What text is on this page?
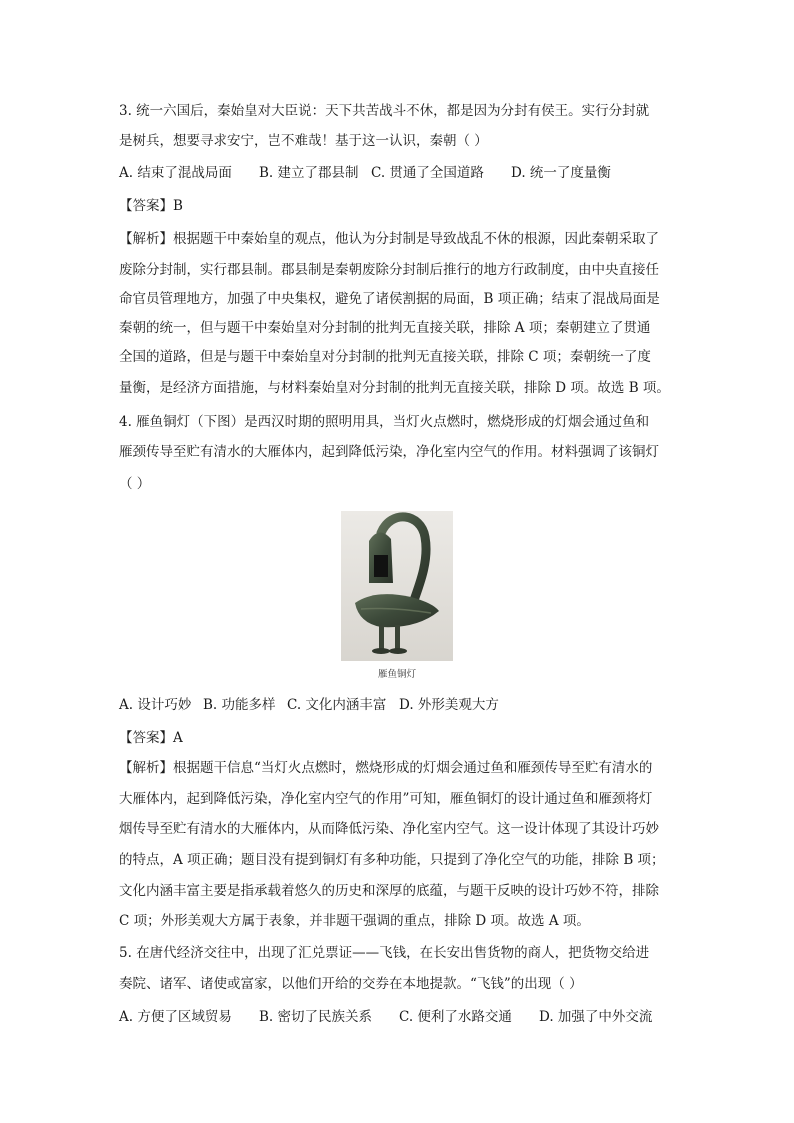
3. 统一六国后，秦始皇对大臣说：天下共苦战斗不休，都是因为分封有侯王。实行分封就
是树兵，想要寻求安宁，岂不难哉！基于这一认识，秦朝（ ）
A. 结束了混战局面 B. 建立了郡县制 C. 贯通了全国道路 D. 统一了度量衡
【答案】B
【解析】根据题干中秦始皇的观点，他认为分封制是导致战乱不休的根源，因此秦朝采取了
废除分封制，实行郡县制。郡县制是秦朝废除分封制后推行的地方行政制度，由中央直接任
命官员管理地方，加强了中央集权，避免了诸侯割据的局面，B 项正确；结束了混战局面是
秦朝的统一，但与题干中秦始皇对分封制的批判无直接关联，排除 A 项；秦朝建立了贯通
全国的道路，但是与题干中秦始皇对分封制的批判无直接关联，排除 C 项；秦朝统一了度
量衡，是经济方面措施，与材料秦始皇对分封制的批判无直接关联，排除 D 项。故选 B 项。
4. 雁鱼铜灯（下图）是西汉时期的照明用具，当灯火点燃时，燃烧形成的灯烟会通过鱼和
雁颈传导至贮有清水的大雁体内，起到降低污染，净化室内空气的作用。材料强调了该铜灯
（ ）
雁鱼铜灯
A. 设计巧妙 B. 功能多样 C. 文化内涵丰富 D. 外形美观大方
【答案】A
【解析】根据题干信息“当灯火点燃时，燃烧形成的灯烟会通过鱼和雁颈传导至贮有清水的
大雁体内，起到降低污染，净化室内空气的作用”可知，雁鱼铜灯的设计通过鱼和雁颈将灯
烟传导至贮有清水的大雁体内，从而降低污染、净化室内空气。这一设计体现了其设计巧妙
的特点，A 项正确；题目没有提到铜灯有多种功能，只提到了净化空气的功能，排除 B 项；
文化内涵丰富主要是指承载着悠久的历史和深厚的底蕴，与题干反映的设计巧妙不符，排除
C 项；外形美观大方属于表象，并非题干强调的重点，排除 D 项。故选 A 项。
5. 在唐代经济交往中，出现了汇兑票证——飞钱，在长安出售货物的商人，把货物交给进
奏院、诸军、诸使或富家，以他们开给的交券在本地提款。“飞钱”的出现（ ）
A. 方便了区域贸易 B. 密切了民族关系 C. 便利了水路交通 D. 加强了中外交流
